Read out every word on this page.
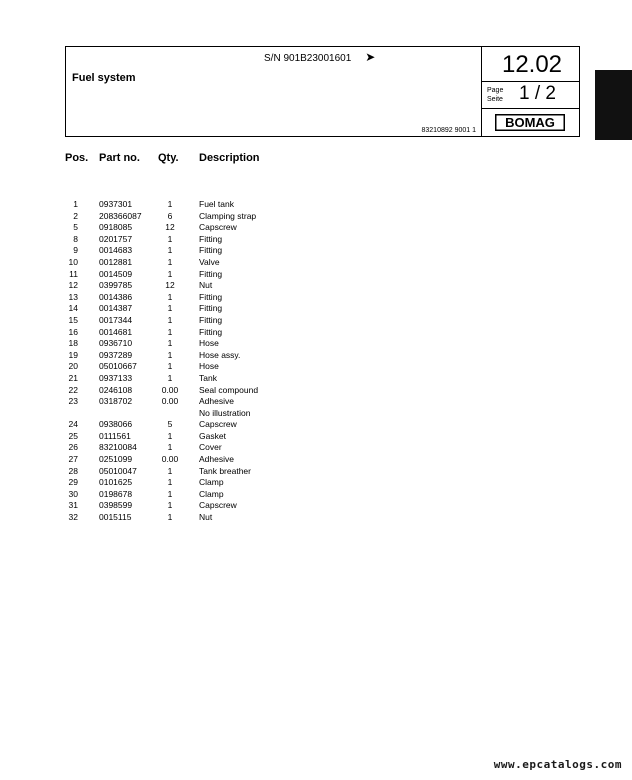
S/N 901B23001601 ➤
Fuel system
83210892 9001 1
12.02
Page
Seite 1 / 2
BOMAG
Pos. Part no. Qty. Description
1 0937301	1	Fuel tank
2 208366087	6	Clamping strap
5 0918085	12	Capscrew
8 0201757	1	Fitting
9 0014683	1	Fitting
10 0012881	1	Valve
11 0014509	1	Fitting
12 0399785	12	Nut
13 0014386	1	Fitting
14 0014387	1	Fitting
15 0017344	1	Fitting
16 0014681	1	Fitting
18 0936710	1	Hose
19 0937289	1	Hose assy.
20 05010667	1	Hose
21 0937133	1	Tank
22 0246108	0.00	Seal compound
23 0318702	0.00	Adhesive
No illustration
24 0938066	5	Capscrew
25 0111561	1	Gasket
26 83210084	1	Cover
27 0251099	0.00	Adhesive
28 05010047	1	Tank breather
29 0101625	1	Clamp
30 0198678	1	Clamp
31 0398599	1	Capscrew
32 0015115	1	Nut
www.epcatalogs.com
